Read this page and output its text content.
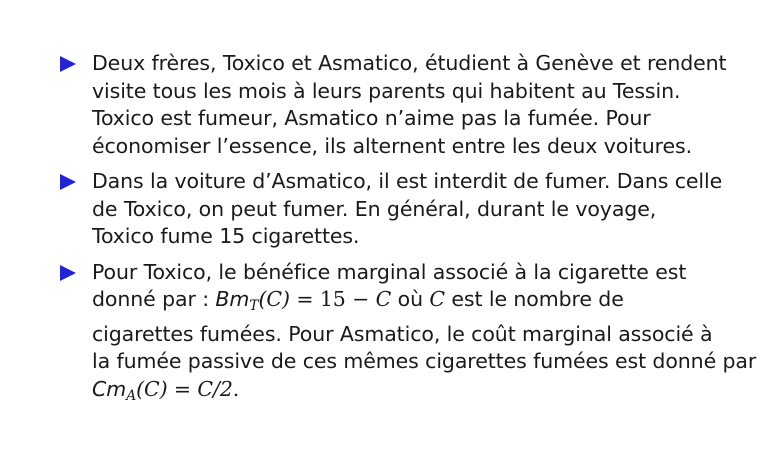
Deux frères, Toxico et Asmatico, étudient à Genève et rendent
visite tous les mois à leurs parents qui habitent au Tessin.
Toxico est fumeur, Asmatico n’aime pas la fumée. Pour
économiser l’essence, ils alternent entre les deux voitures.
Dans la voiture d’Asmatico, il est interdit de fumer. Dans celle
de Toxico, on peut fumer. En général, durant le voyage,
Toxico fume 15 cigarettes.
Pour Toxico, le bénéfice marginal associé à la cigarette est
donné par : $Bm_T(C) = 15 - C$ où C est le nombre de
cigarettes fumées. Pour Asmatico, le coût marginal associé à
la fumée passive de ces mêmes cigarettes fumées est donné par
$Cm_A(C) = C/2$.
